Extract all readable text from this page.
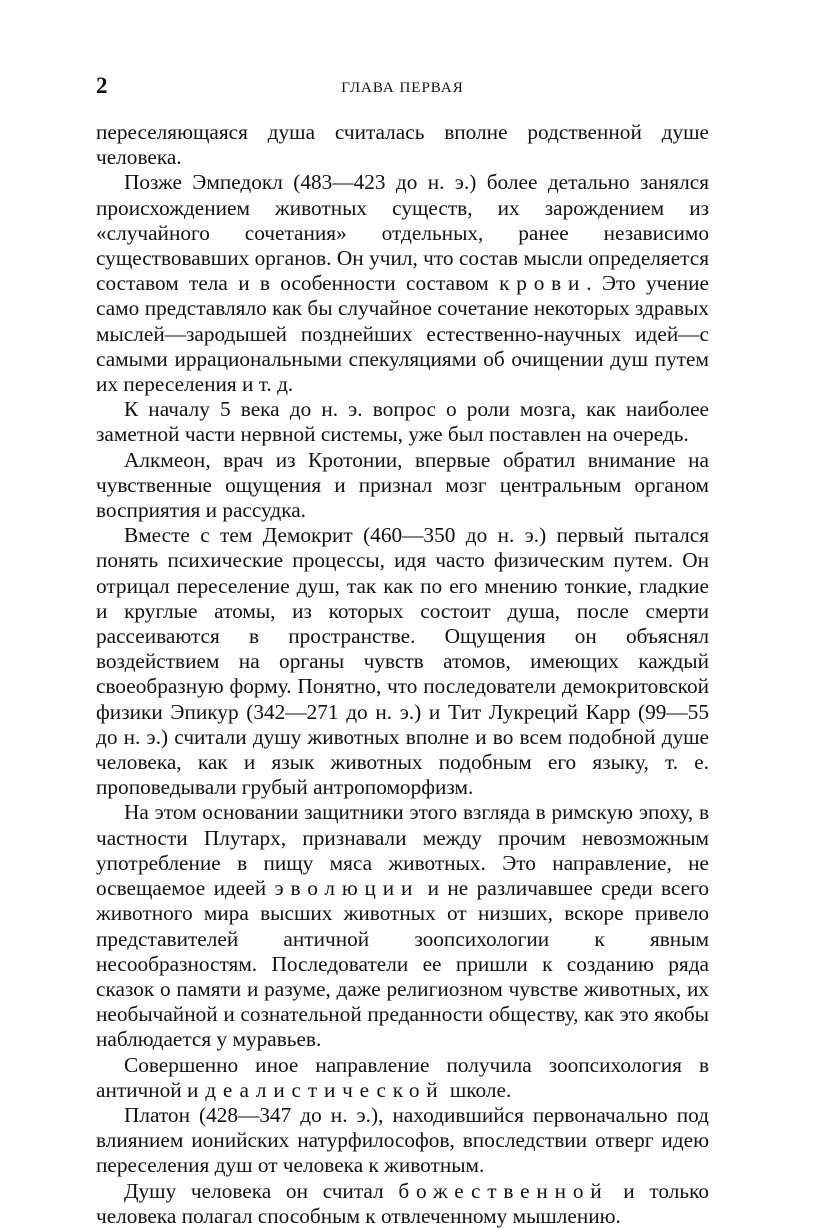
2	ГЛАВА ПЕРВАЯ

переселяющаяся душа считалась вполне родственной душе человека.

Позже Эмпедокл (483—423 до н. э.) более детально занялся происхождением животных существ, их зарождением из «случайного сочетания» отдельных, ранее независимо существовавших органов. Он учил, что состав мысли определяется составом тела и в особенности составом крови. Это учение само представляло как бы случайное сочетание некоторых здравых мыслей—зародышей позднейших естественно-научных идей—с самыми иррациональными спекуляциями об очищении душ путем их переселения и т. д.

К началу 5 века до н. э. вопрос о роли мозга, как наиболее заметной части нервной системы, уже был поставлен на очередь.

Алкмеон, врач из Кротонии, впервые обратил внимание на чувственные ощущения и признал мозг центральным органом восприятия и рассудка.

Вместе с тем Демокрит (460—350 до н. э.) первый пытался понять психические процессы, идя часто физическим путем. Он отрицал переселение душ, так как по его мнению тонкие, гладкие и круглые атомы, из которых состоит душа, после смерти рассеиваются в пространстве. Ощущения он объяснял воздействием на органы чувств атомов, имеющих каждый своеобразную форму. Понятно, что последователи демокритовской физики Эпикур (342—271 до н. э.) и Тит Лукреций Карр (99—55 до н. э.) считали душу животных вполне и во всем подобной душе человека, как и язык животных подобным его языку, т. е. проповедывали грубый антропоморфизм.

На этом основании защитники этого взгляда в римскую эпоху, в частности Плутарх, признавали между прочим невозможным употребление в пищу мяса животных. Это направление, не освещаемое идеей эволюции и не различавшее среди всего животного мира высших животных от низших, вскоре привело представителей античной зоопсихологии к явным несообразностям. Последователи ее пришли к созданию ряда сказок о памяти и разуме, даже религиозном чувстве животных, их необычайной и сознательной преданности обществу, как это якобы наблюдается у муравьев.

Совершенно иное направление получила зоопсихология в античной идеалистической школе.

Платон (428—347 до н. э.), находившийся первоначально под влиянием ионийских натурфилософов, впоследствии отверг идею переселения душ от человека к животным.

Душу человека он считал божественной и только человека полагал способным к отвлеченному мышлению.
